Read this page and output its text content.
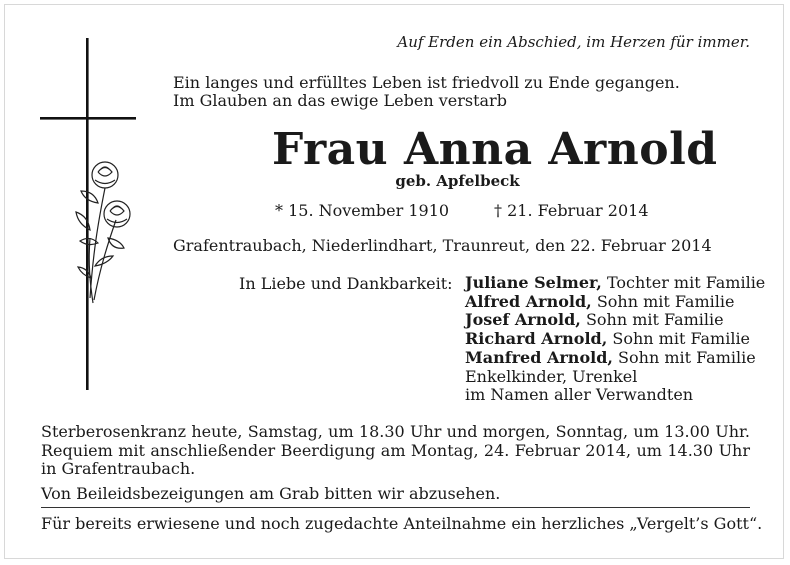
Auf Erden ein Abschied, im Herzen für immer.
Ein langes und erfülltes Leben ist friedvoll zu Ende gegangen.
Im Glauben an das ewige Leben verstarb
Frau Anna Arnold
geb. Apfelbeck
* 15. November 1910	† 21. Februar 2014
Grafentraubach, Niederlindhart, Traunreut, den 22. Februar 2014
In Liebe und Dankbarkeit: Juliane Selmer, Tochter mit Familie
Alfred Arnold, Sohn mit Familie
Josef Arnold, Sohn mit Familie
Richard Arnold, Sohn mit Familie
Manfred Arnold, Sohn mit Familie
Enkelkinder, Urenkel
im Namen aller Verwandten

Sterberosenkranz heute, Samstag, um 18.30 Uhr und morgen, Sonntag, um 13.00 Uhr. Requiem mit anschließender Beerdigung am Montag, 24. Februar 2014, um 14.30 Uhr in Grafentraubach.

Von Beileidsbezeigungen am Grab bitten wir abzusehen.
Für bereits erwiesene und noch zugedachte Anteilnahme ein herzliches „Vergelt’s Gott“.
